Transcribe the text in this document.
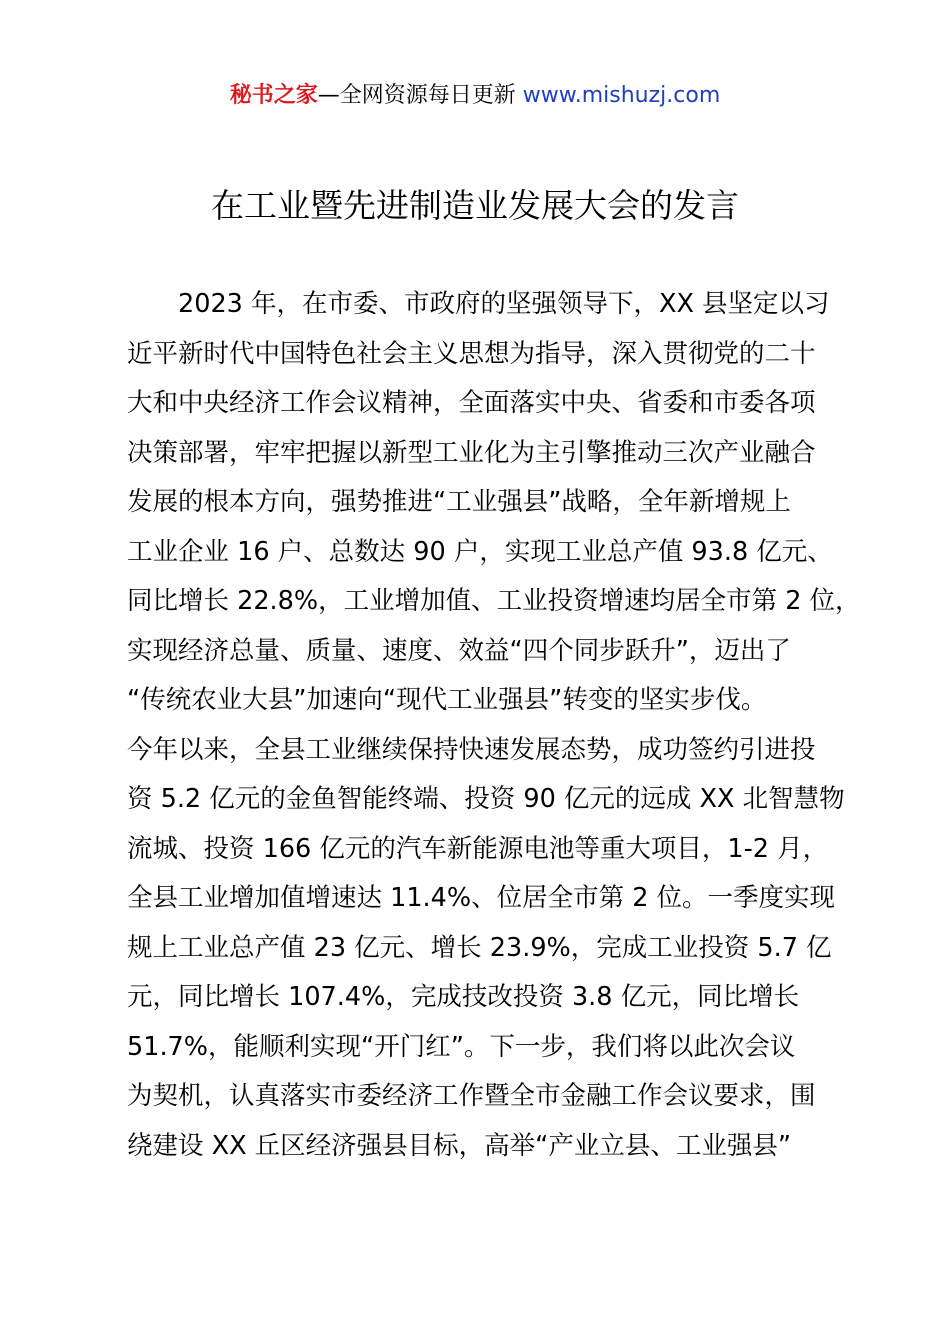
秘书之家—全网资源每日更新 www.mishuzj.com
在工业暨先进制造业发展大会的发言
2023 年，在市委、市政府的坚强领导下，XX 县坚定以习
近平新时代中国特色社会主义思想为指导，深入贯彻党的二十
大和中央经济工作会议精神，全面落实中央、省委和市委各项
决策部署，牢牢把握以新型工业化为主引擎推动三次产业融合
发展的根本方向，强势推进“工业强县”战略，全年新增规上
工业企业 16 户、总数达 90 户，实现工业总产值 93.8 亿元、
同比增长 22.8%，工业增加值、工业投资增速均居全市第 2 位，
实现经济总量、质量、速度、效益“四个同步跃升”，迈出了
“传统农业大县”加速向“现代工业强县”转变的坚实步伐。
今年以来，全县工业继续保持快速发展态势，成功签约引进投
资 5.2 亿元的金鱼智能终端、投资 90 亿元的远成 XX 北智慧物
流城、投资 166 亿元的汽车新能源电池等重大项目，1-2 月，
全县工业增加值增速达 11.4%、位居全市第 2 位。一季度实现
规上工业总产值 23 亿元、增长 23.9%，完成工业投资 5.7 亿
元，同比增长 107.4%，完成技改投资 3.8 亿元，同比增长
51.7%，能顺利实现“开门红”。下一步，我们将以此次会议
为契机，认真落实市委经济工作暨全市金融工作会议要求，围
绕建设 XX 丘区经济强县目标，高举“产业立县、工业强县”
